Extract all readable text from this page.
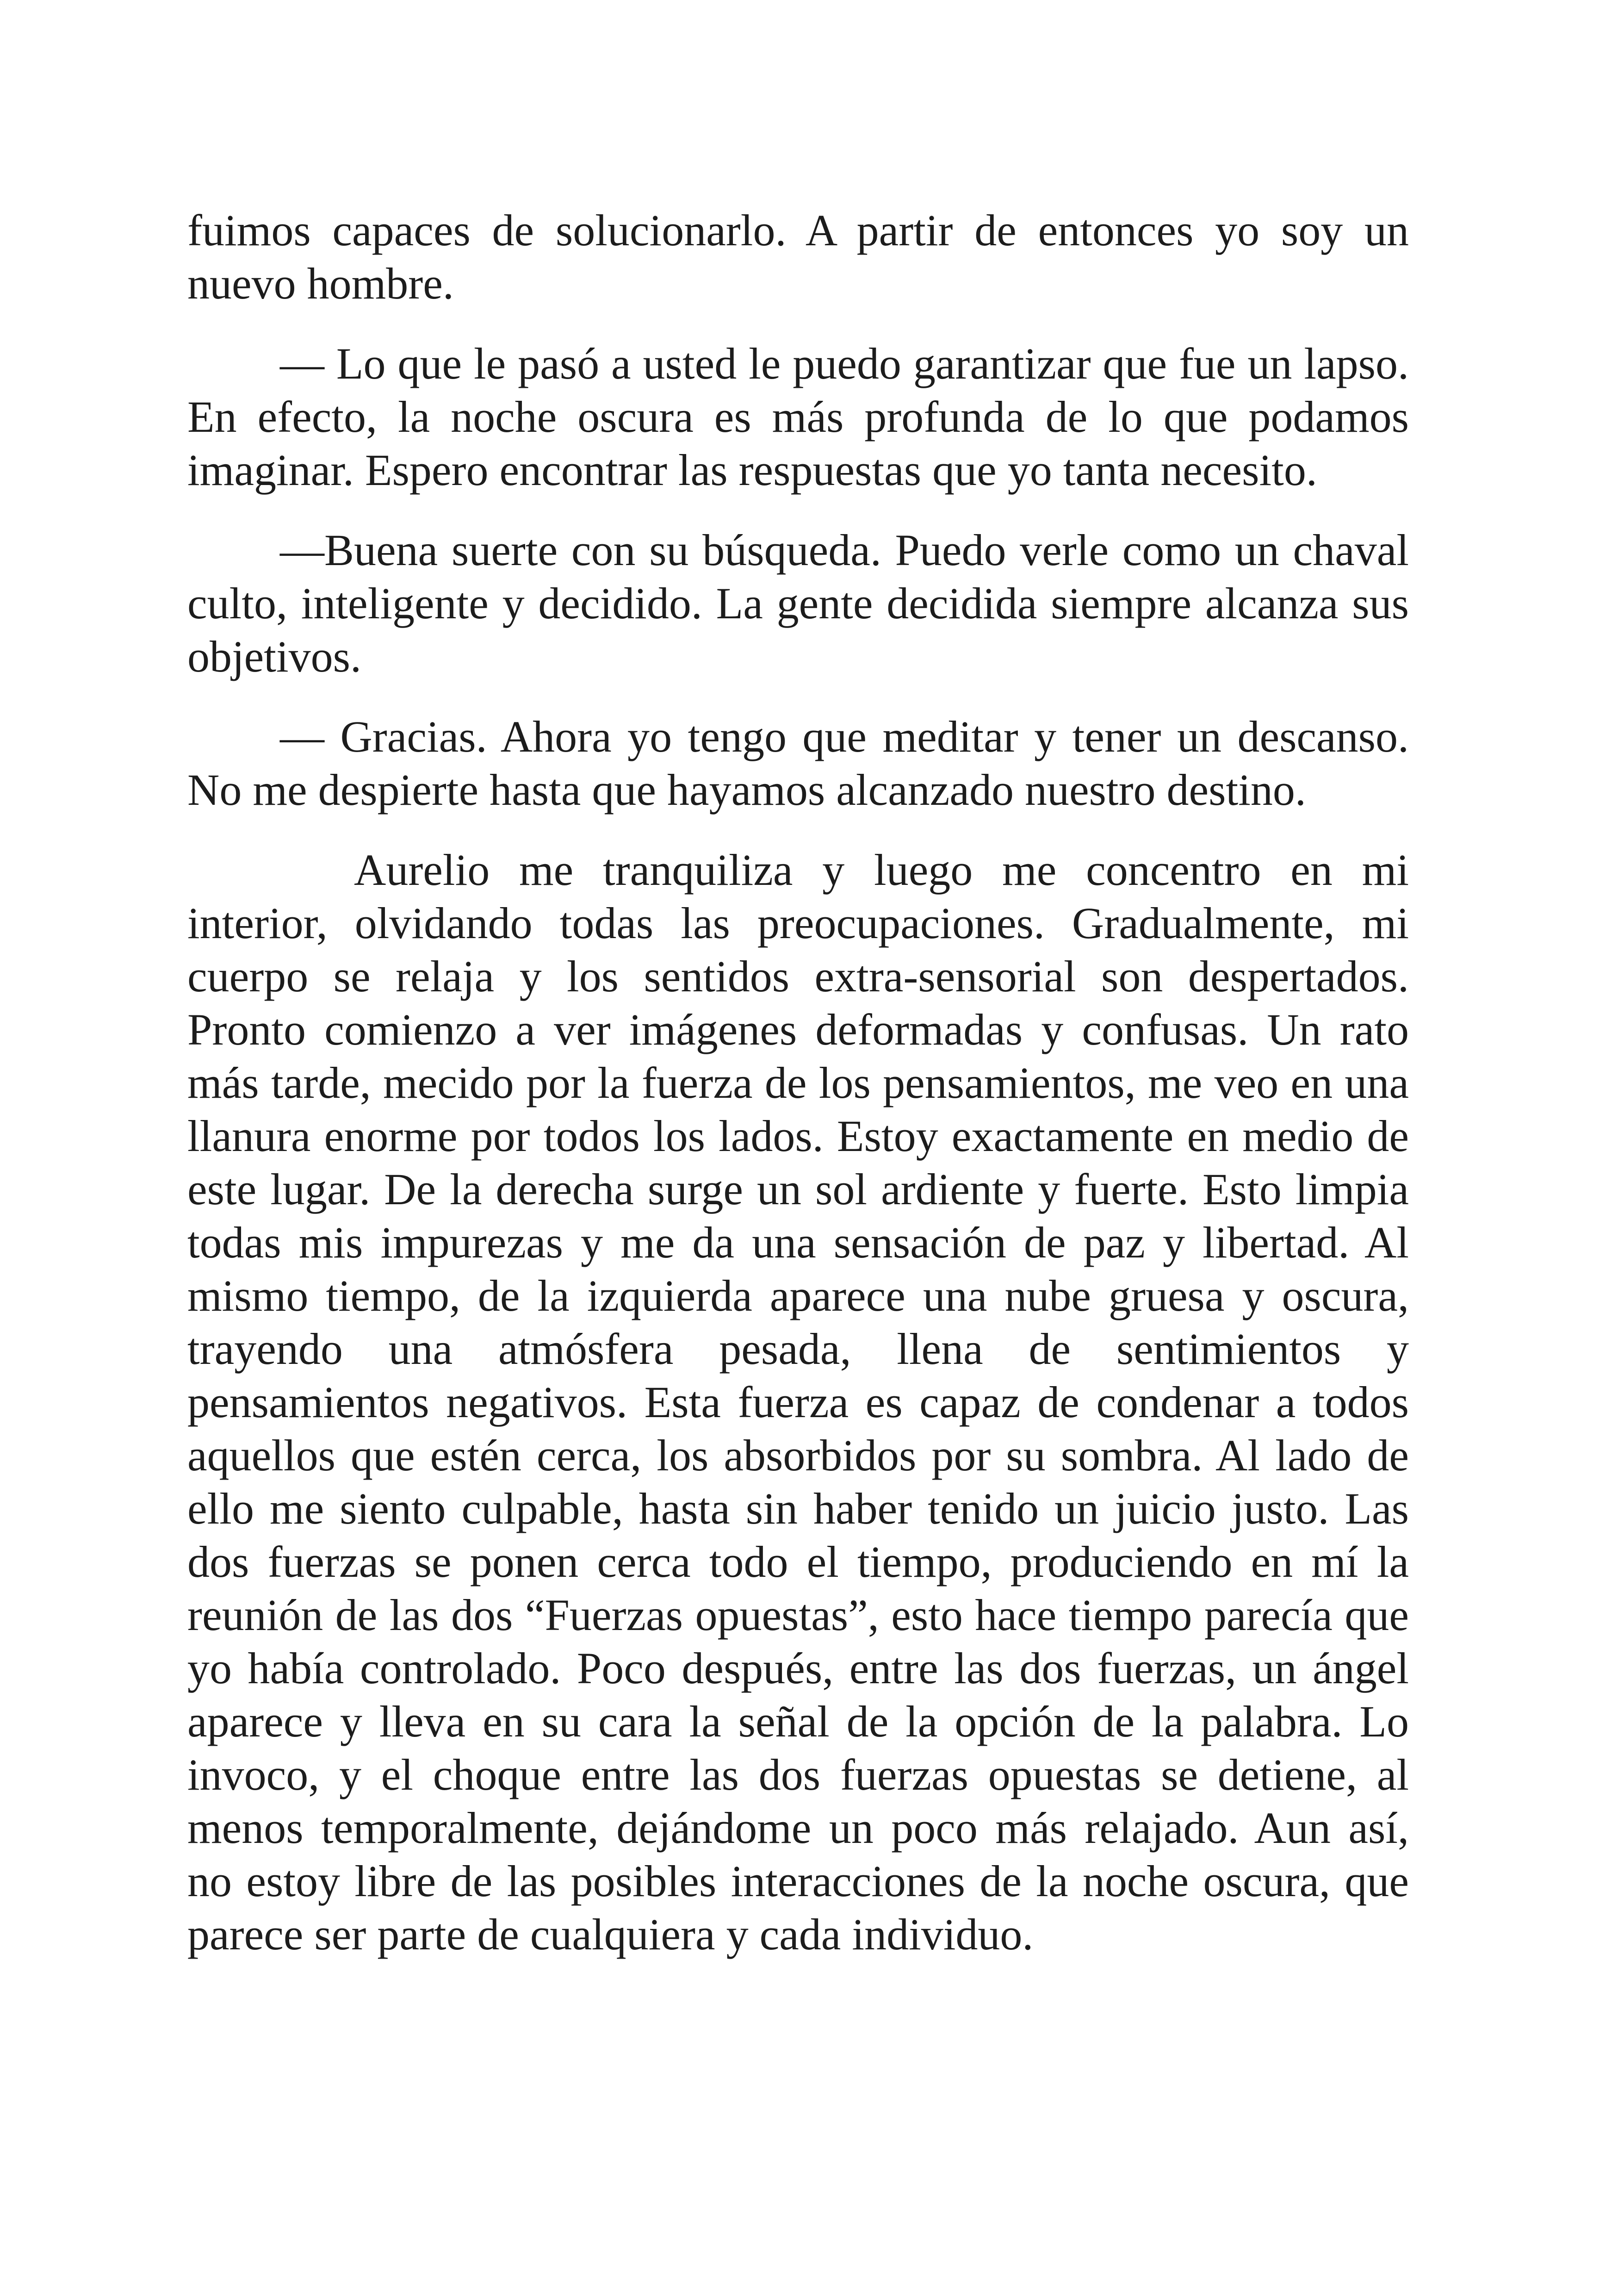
fuimos capaces de solucionarlo. A partir de entonces yo soy un nuevo hombre.

— Lo que le pasó a usted le puedo garantizar que fue un lapso. En efecto, la noche oscura es más profunda de lo que podamos imaginar. Espero encontrar las respuestas que yo tanta necesito.

—Buena suerte con su búsqueda. Puedo verle como un chaval culto, inteligente y decidido. La gente decidida siempre alcanza sus objetivos.

— Gracias. Ahora yo tengo que meditar y tener un descanso. No me despierte hasta que hayamos alcanzado nuestro destino.

Aurelio me tranquiliza y luego me concentro en mi interior, olvidando todas las preocupaciones. Gradualmente, mi cuerpo se relaja y los sentidos extra-sensorial son despertados. Pronto comienzo a ver imágenes deformadas y confusas. Un rato más tarde, mecido por la fuerza de los pensamientos, me veo en una llanura enorme por todos los lados. Estoy exactamente en medio de este lugar. De la derecha surge un sol ardiente y fuerte. Esto limpia todas mis impurezas y me da una sensación de paz y libertad. Al mismo tiempo, de la izquierda aparece una nube gruesa y oscura, trayendo una atmósfera pesada, llena de sentimientos y pensamientos negativos. Esta fuerza es capaz de condenar a todos aquellos que estén cerca, los absorbidos por su sombra. Al lado de ello me siento culpable, hasta sin haber tenido un juicio justo. Las dos fuerzas se ponen cerca todo el tiempo, produciendo en mí la reunión de las dos “Fuerzas opuestas”, esto hace tiempo parecía que yo había controlado. Poco después, entre las dos fuerzas, un ángel aparece y lleva en su cara la señal de la opción de la palabra. Lo invoco, y el choque entre las dos fuerzas opuestas se detiene, al menos temporalmente, dejándome un poco más relajado. Aun así, no estoy libre de las posibles interacciones de la noche oscura, que parece ser parte de cualquiera y cada individuo.
